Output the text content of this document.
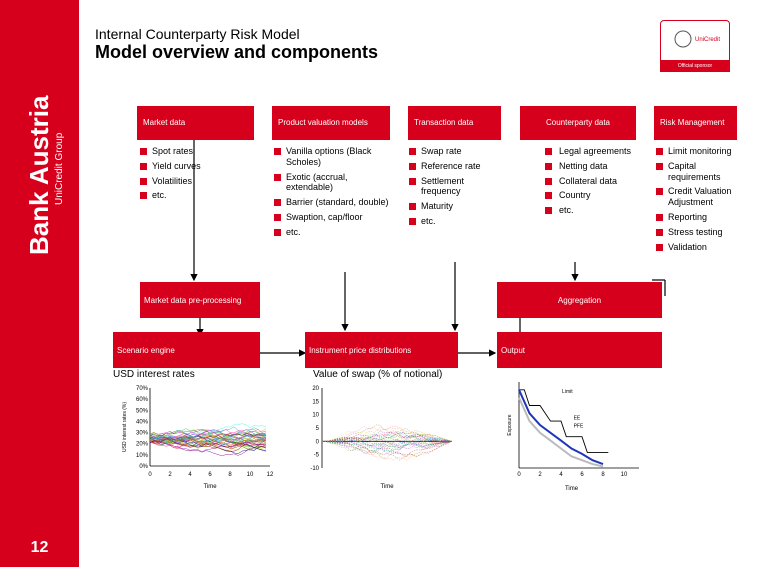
Bank Austria UniCredit Group
12
Internal Counterparty Risk Model
Model overview and components
UniCredit
Official sponsor
Market data	Product valuation models	Transaction data	Counterparty data	Risk Management
Spot rates
Yield curves
Volatilities
etc.
Vanilla options (Black Scholes)
Exotic (accrual, extendable)
Barrier (standard, double)
Swaption, cap/floor
etc.
Swap rate
Reference rate
Settlement frequency
Maturity
etc.
Legal agreements
Netting data
Collateral data
Country
etc.
Limit monitoring
Capital requirements
Credit Valuation Adjustment
Reporting
Stress testing
Validation
Market data pre-processing	Aggregation
Scenario engine	Instrument price distributions	Output
USD interest rates	Value of swap (% of notional)
0%
10%
20%
30%
40%
50%
60%
70%
0	2	4	6	8 10 12
Time
USD interest rates (%)
-10
-5
0
5
10
15
20
Time
0	2	4	6	8	10
Time
Exposure
Limit
EE
PFE
